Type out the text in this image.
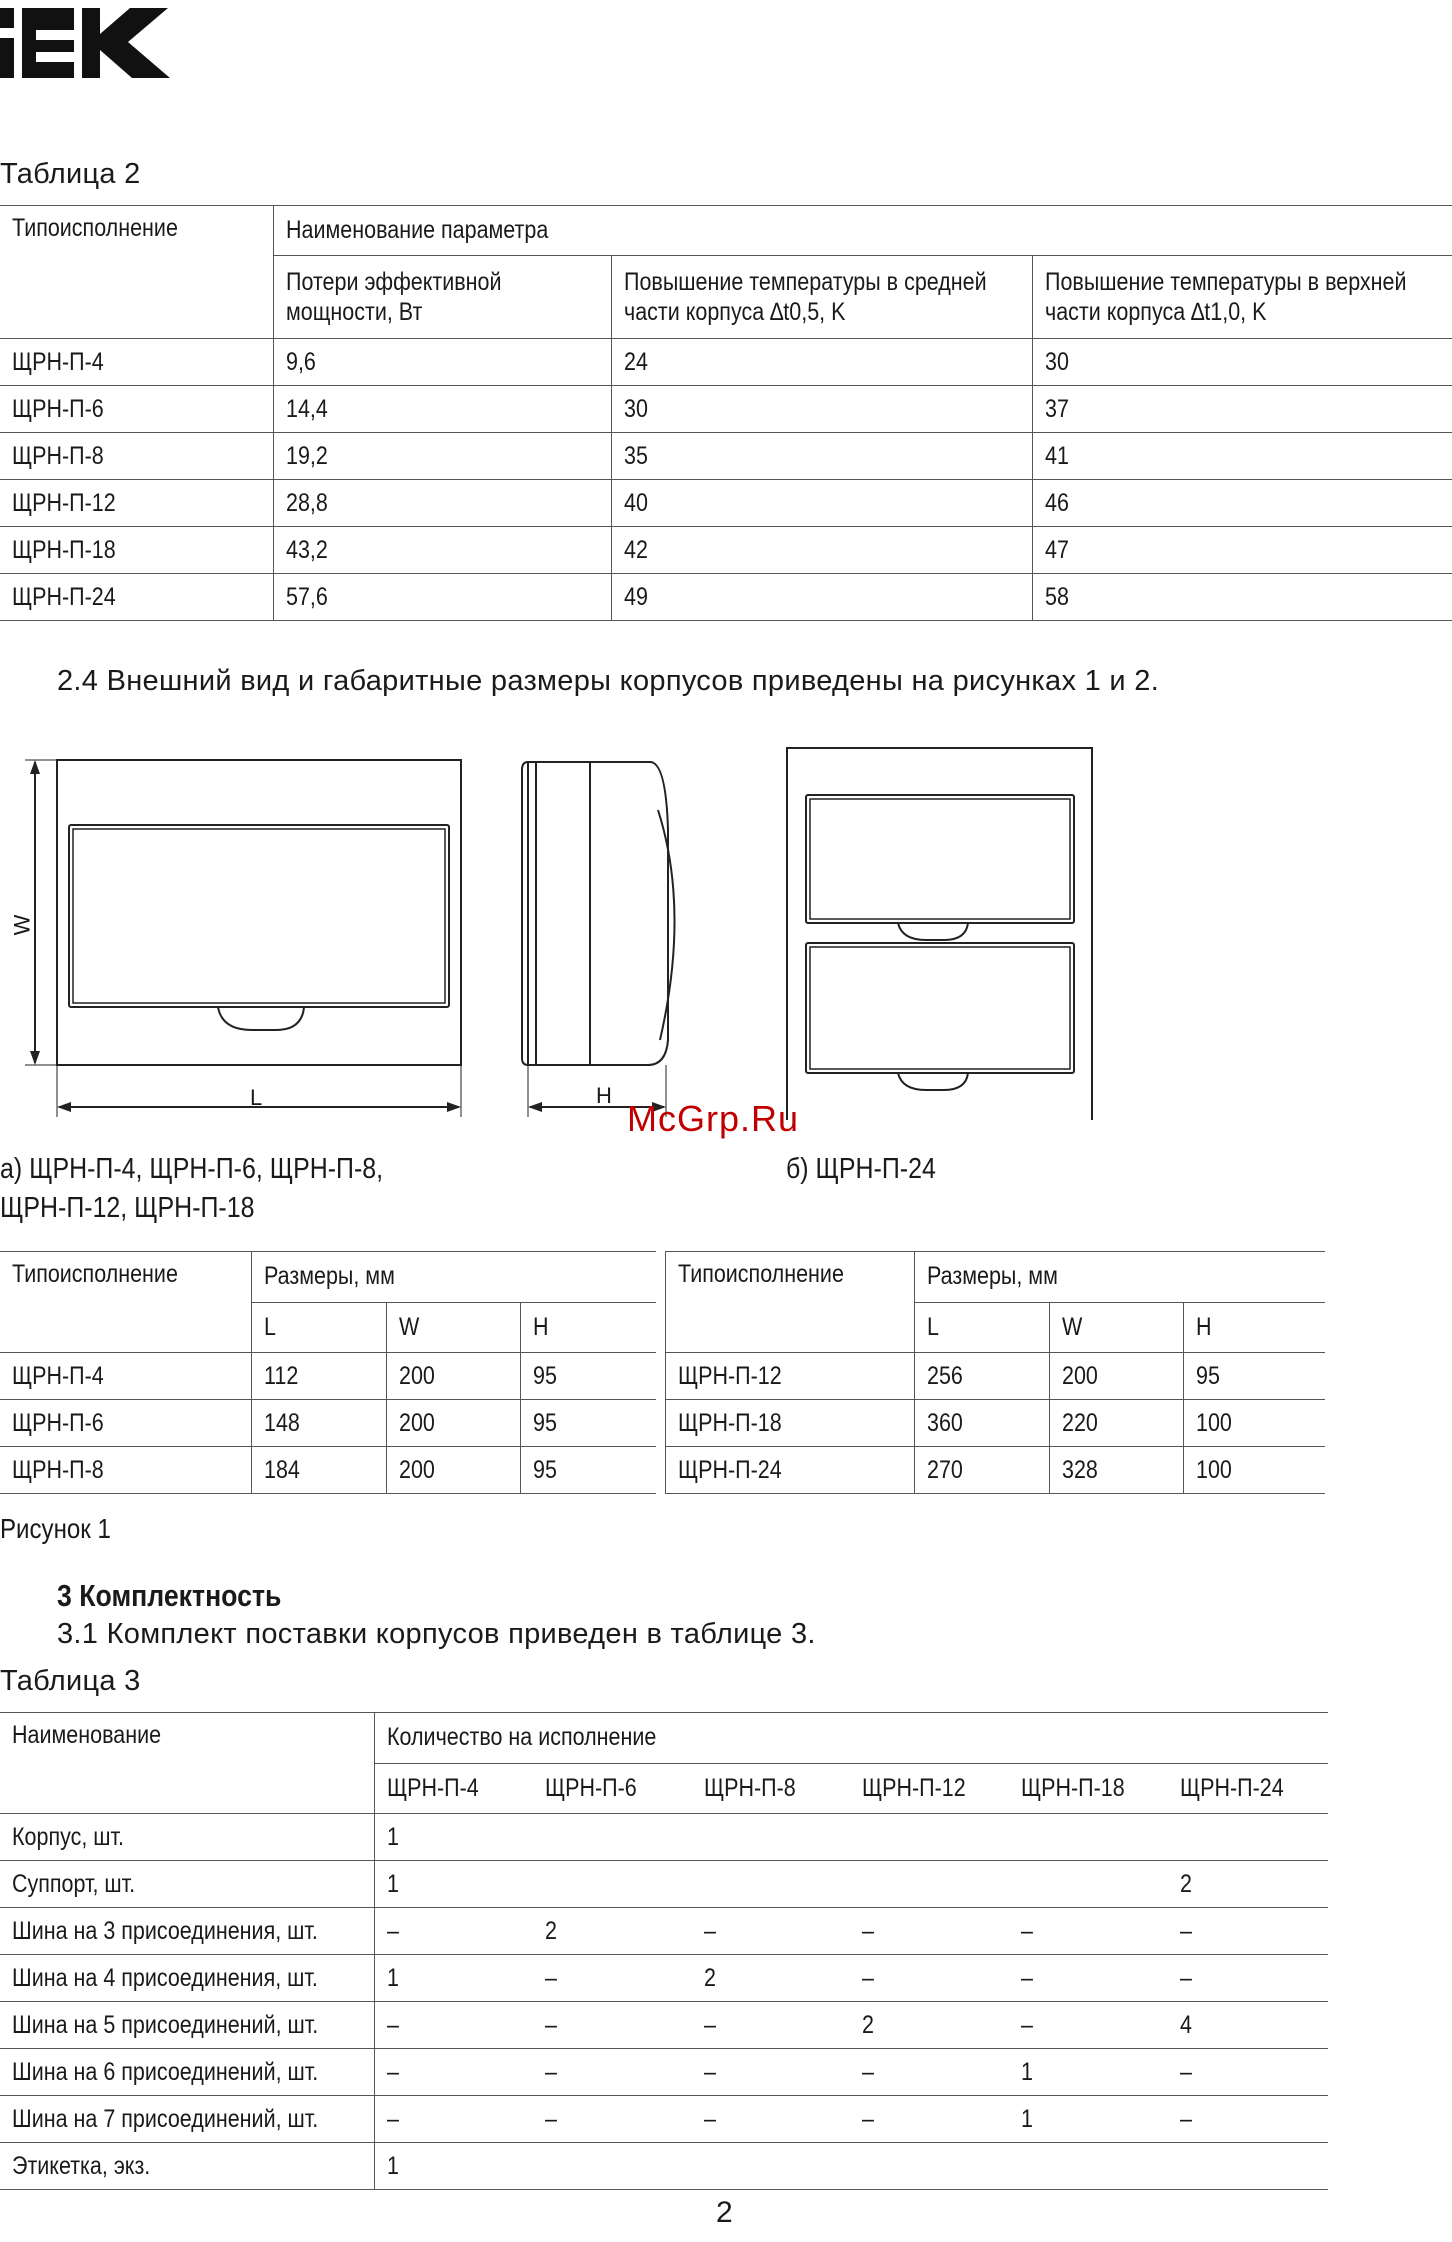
Таблица 2
Типоисполнение	Наименование параметра		
	Потери эффективной мощности, Вт	Повышение температуры в средней части корпуса ∆t0,5, K	Повышение температуры в верхней части корпуса ∆t1,0, K
ЩРН-П-4	9,6	24	30
ЩРН-П-6	14,4	30	37
ЩРН-П-8	19,2	35	41
ЩРН-П-12	28,8	40	46
ЩРН-П-18	43,2	42	47
ЩРН-П-24	57,6	49	58
2.4 Внешний вид и габаритные размеры корпусов приведены на рисунках 1 и 2.
W
L	H
McGrp.Ru
а) ЩРН-П-4, ЩРН-П-6, ЩРН-П-8,
ЩРН-П-12, ЩРН-П-18
б) ЩРН-П-24
Типоисполнение	Размеры, мм		
	L	W	H
ЩРН-П-4	112	200	95
ЩРН-П-6	148	200	95
ЩРН-П-8	184	200	95
Типоисполнение	Размеры, мм		
	L	W	H
ЩРН-П-12	256	200	95
ЩРН-П-18	360	220	100
ЩРН-П-24	270	328	100
Рисунок 1
3 Комплектность
3.1 Комплект поставки корпусов приведен в таблице 3.
Таблица 3
Наименование	Количество на исполнение					
	ЩРН-П-4	ЩРН-П-6	ЩРН-П-8	ЩРН-П-12	ЩРН-П-18	ЩРН-П-24
Корпус, шт.	1					
Суппорт, шт.	1					2
Шина на 3 присоединения, шт.	–	2	–	–	–	–
Шина на 4 присоединения, шт.	1	–	2	–	–	–
Шина на 5 присоединений, шт.	–	–	–	2	–	4
Шина на 6 присоединений, шт.	–	–	–	–	1	–
Шина на 7 присоединений, шт.	–	–	–	–	1	–
Этикетка, экз.	1					
2
